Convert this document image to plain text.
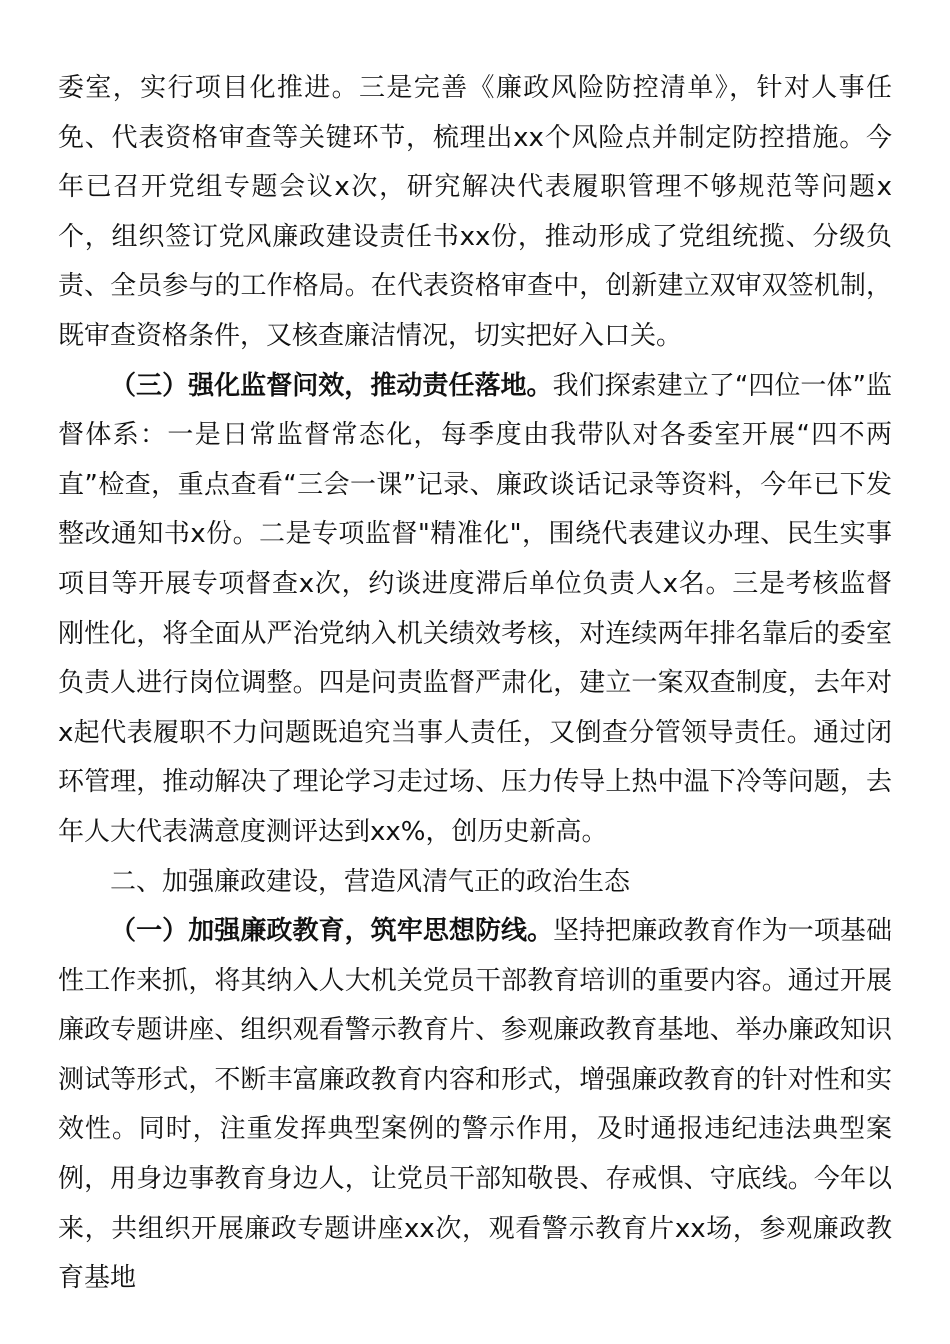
委室，实行项目化推进。三是完善《廉政风险防控清单》，针对人事任免、代表资格审查等关键环节，梳理出xx个风险点并制定防控措施。今年已召开党组专题会议x次，研究解决代表履职管理不够规范等问题x个，组织签订党风廉政建设责任书xx份，推动形成了党组统揽、分级负责、全员参与的工作格局。在代表资格审查中，创新建立双审双签机制，既审查资格条件，又核查廉洁情况，切实把好入口关。

（三）强化监督问效，推动责任落地。我们探索建立了“四位一体”监督体系：一是日常监督常态化，每季度由我带队对各委室开展“四不两直”检查，重点查看“三会一课”记录、廉政谈话记录等资料，今年已下发整改通知书x份。二是专项监督"精准化"，围绕代表建议办理、民生实事项目等开展专项督查x次，约谈进度滞后单位负责人x名。三是考核监督刚性化，将全面从严治党纳入机关绩效考核，对连续两年排名靠后的委室负责人进行岗位调整。四是问责监督严肃化，建立一案双查制度，去年对x起代表履职不力问题既追究当事人责任，又倒查分管领导责任。通过闭环管理，推动解决了理论学习走过场、压力传导上热中温下冷等问题，去年人大代表满意度测评达到xx%，创历史新高。

二、加强廉政建设，营造风清气正的政治生态

（一）加强廉政教育，筑牢思想防线。坚持把廉政教育作为一项基础性工作来抓，将其纳入人大机关党员干部教育培训的重要内容。通过开展廉政专题讲座、组织观看警示教育片、参观廉政教育基地、举办廉政知识测试等形式，不断丰富廉政教育内容和形式，增强廉政教育的针对性和实效性。同时，注重发挥典型案例的警示作用，及时通报违纪违法典型案例，用身边事教育身边人，让党员干部知敬畏、存戒惧、守底线。今年以来，共组织开展廉政专题讲座xx次，观看警示教育片xx场，参观廉政教育基地
